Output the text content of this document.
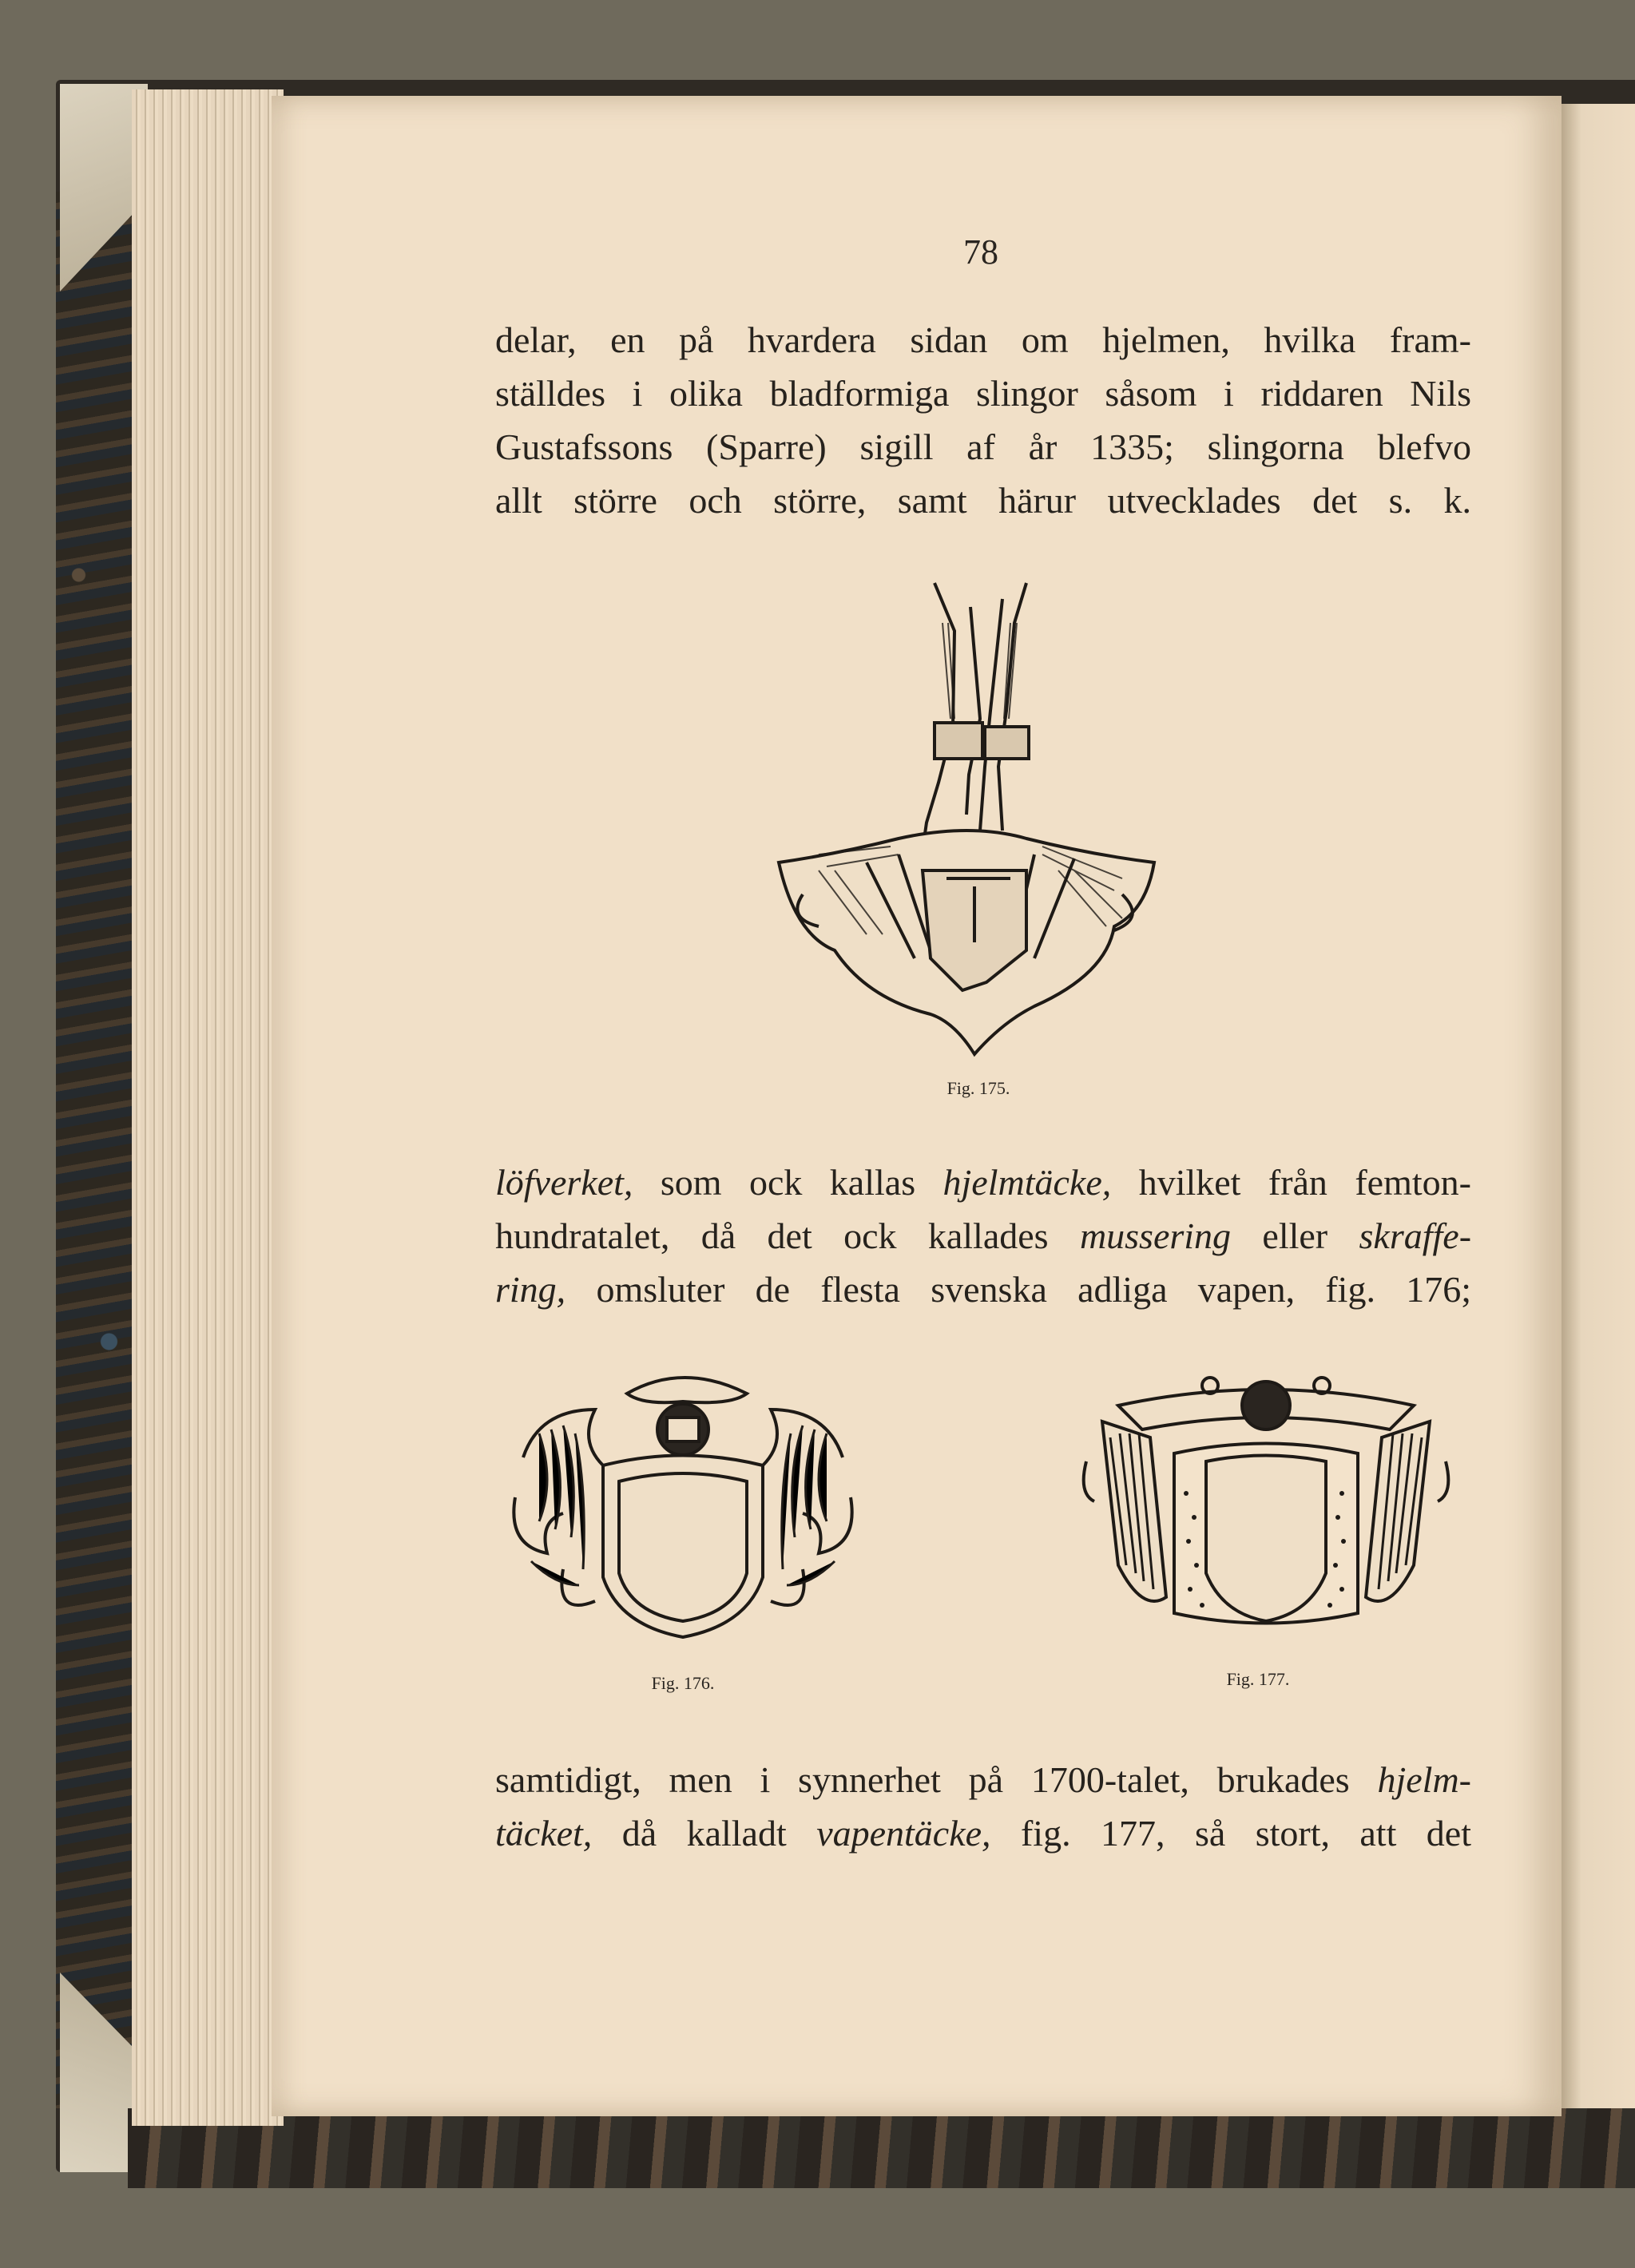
78
delar, en på hvardera sidan om hjelmen, hvilka fram-
ställdes i olika bladformiga slingor såsom i riddaren Nils
Gustafssons (Sparre) sigill af år 1335; slingorna blefvo
allt större och större, samt härur utvecklades det s. k.
Fig. 175.
löfverket, som ock kallas hjelmtäcke, hvilket från femton-
hundratalet, då det ock kallades mussering eller skraffe-
ring, omsluter de flesta svenska adliga vapen, fig. 176;
Fig. 176.	Fig. 177.
samtidigt, men i synnerhet på 1700-talet, brukades hjelm-
täcket, då kalladt vapentäcke, fig. 177, så stort, att det
